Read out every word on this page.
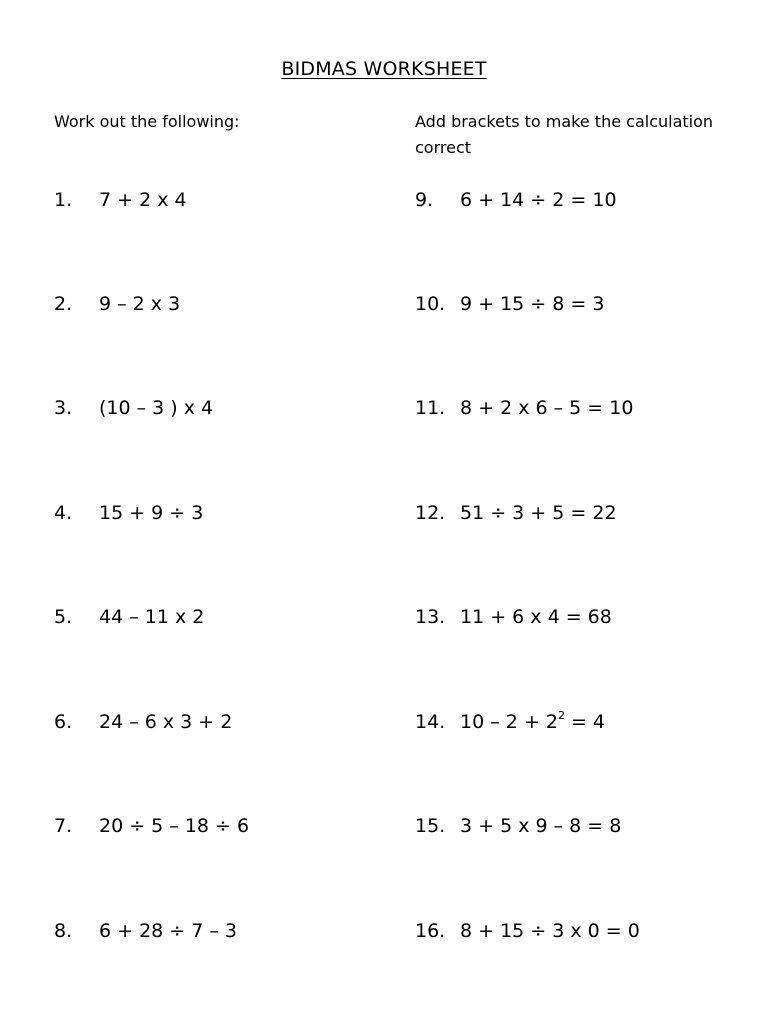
BIDMAS WORKSHEET
Work out the following:	Add brackets to make the calculation correct
1. 7 + 2 x 4
2. 9 – 2 x 3
3. (10 – 3 ) x 4
4. 15 + 9 ÷ 3
5. 44 – 11 x 2
6. 24 – 6 x 3 + 2
7. 20 ÷ 5 – 18 ÷ 6
8. 6 + 28 ÷ 7 – 3
9. 6 + 14 ÷ 2 = 10
10. 9 + 15 ÷ 8 = 3
11. 8 + 2 x 6 – 5 = 10
12. 51 ÷ 3 + 5 = 22
13. 11 + 6 x 4 = 68
14. $10 - 2 + 2^2 = 4$
15. 3 + 5 x 9 – 8 = 8
16. 8 + 15 ÷ 3 x 0 = 0
